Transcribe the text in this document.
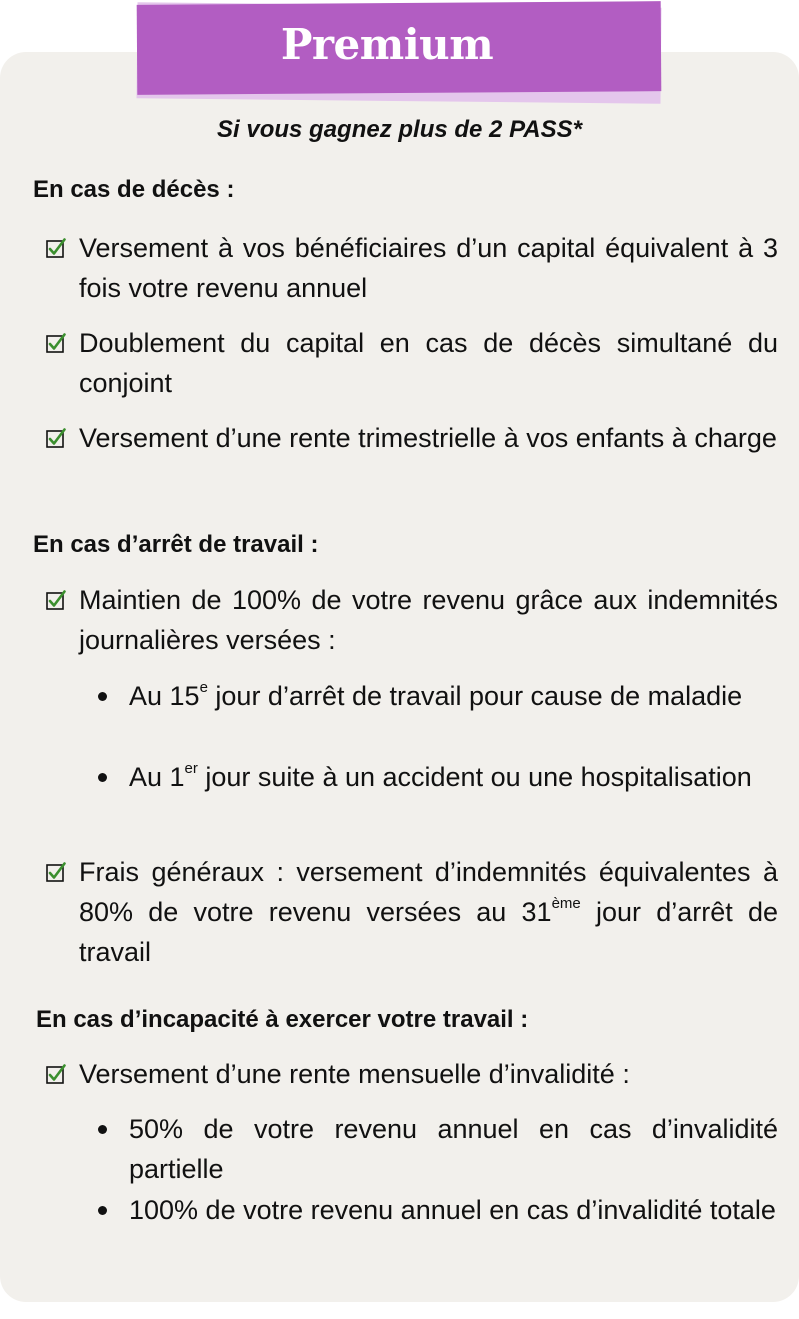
Premium
Si vous gagnez plus de 2 PASS*
En cas de décès :
Versement à vos bénéficiaires d’un capital équivalent à 3 fois votre revenu annuel
Doublement du capital en cas de décès simultané du conjoint
Versement d’une rente trimestrielle à vos enfants à charge
En cas d’arrêt de travail :
Maintien de 100% de votre revenu grâce aux indemnités journalières versées :
Au 15e jour d’arrêt de travail pour cause de maladie
Au 1er jour suite à un accident ou une hospitalisation
Frais généraux : versement d’indemnités équivalentes à 80% de votre revenu versées au 31ème jour d’arrêt de travail
En cas d’incapacité à exercer votre travail :
Versement d’une rente mensuelle d’invalidité :
50% de votre revenu annuel en cas d’invalidité partielle
100% de votre revenu annuel en cas d’invalidité totale
